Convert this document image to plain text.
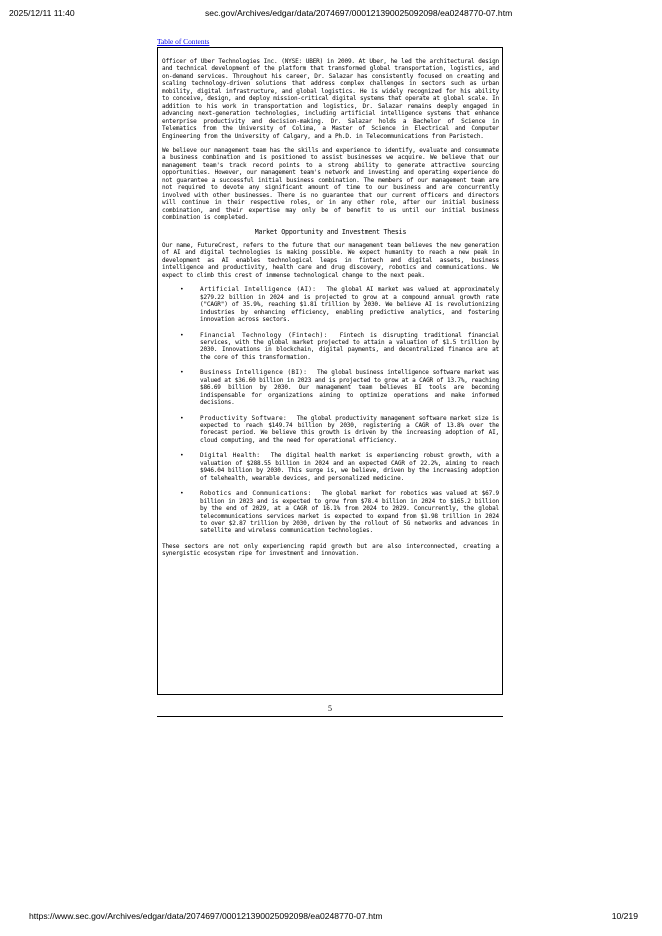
2025/12/11 11:40	sec.gov/Archives/edgar/data/2074697/000121390025092098/ea0248770-07.htm
Table of Contents

Officer of Uber Technologies Inc. (NYSE: UBER) in 2009. At Uber, he led the architectural design and technical development of the platform that transformed global transportation, logistics, and on-demand services. Throughout his career, Dr. Salazar has consistently focused on creating and scaling technology-driven solutions that address complex challenges in sectors such as urban mobility, digital infrastructure, and global logistics. He is widely recognized for his ability to conceive, design, and deploy mission-critical digital systems that operate at global scale. In addition to his work in transportation and logistics, Dr. Salazar remains deeply engaged in advancing next-generation technologies, including artificial intelligence systems that enhance enterprise productivity and decision-making. Dr. Salazar holds a Bachelor of Science in Telematics from the University of Colima, a Master of Science in Electrical and Computer Engineering from the University of Calgary, and a Ph.D. in Telecommunications from Paristech.

We believe our management team has the skills and experience to identify, evaluate and consummate a business combination and is positioned to assist businesses we acquire. We believe that our management team's track record points to a strong ability to generate attractive sourcing opportunities. However, our management team's network and investing and operating experience do not guarantee a successful initial business combination. The members of our management team are not required to devote any significant amount of time to our business and are concurrently involved with other businesses. There is no guarantee that our current officers and directors will continue in their respective roles, or in any other role, after our initial business combination, and their expertise may only be of benefit to us until our initial business combination is completed.

Market Opportunity and Investment Thesis

Our name, FutureCrest, refers to the future that our management team believes the new generation of AI and digital technologies is making possible. We expect humanity to reach a new peak in development as AI enables technological leaps in fintech and digital assets, business intelligence and productivity, health care and drug discovery, robotics and communications. We expect to climb this crest of immense technological change to the next peak.

•	Artificial Intelligence (AI): The global AI market was valued at approximately $279.22 billion in 2024 and is projected to grow at a compound annual growth rate ("CAGR") of 35.9%, reaching $1.81 trillion by 2030. We believe AI is revolutionizing industries by enhancing efficiency, enabling predictive analytics, and fostering innovation across sectors.
•	Financial Technology (Fintech): Fintech is disrupting traditional financial services, with the global market projected to attain a valuation of $1.5 trillion by 2030. Innovations in blockchain, digital payments, and decentralized finance are at the core of this transformation.
•	Business Intelligence (BI): The global business intelligence software market was valued at $36.60 billion in 2023 and is projected to grow at a CAGR of 13.7%, reaching $86.69 billion by 2030. Our management team believes BI tools are becoming indispensable for organizations aiming to optimize operations and make informed decisions.
•	Productivity Software: The global productivity management software market size is expected to reach $149.74 billion by 2030, registering a CAGR of 13.8% over the forecast period. We believe this growth is driven by the increasing adoption of AI, cloud computing, and the need for operational efficiency.
•	Digital Health: The digital health market is experiencing robust growth, with a valuation of $288.55 billion in 2024 and an expected CAGR of 22.2%, aiming to reach $946.04 billion by 2030. This surge is, we believe, driven by the increasing adoption of telehealth, wearable devices, and personalized medicine.
•	Robotics and Communications: The global market for robotics was valued at $67.9 billion in 2023 and is expected to grow from $78.4 billion in 2024 to $165.2 billion by the end of 2029, at a CAGR of 16.1% from 2024 to 2029. Concurrently, the global telecommunications services market is expected to expand from $1.98 trillion in 2024 to over $2.87 trillion by 2030, driven by the rollout of 5G networks and advances in satellite and wireless communication technologies.

These sectors are not only experiencing rapid growth but are also interconnected, creating a synergistic ecosystem ripe for investment and innovation.

5
https://www.sec.gov/Archives/edgar/data/2074697/000121390025092098/ea0248770-07.htm	10/219
